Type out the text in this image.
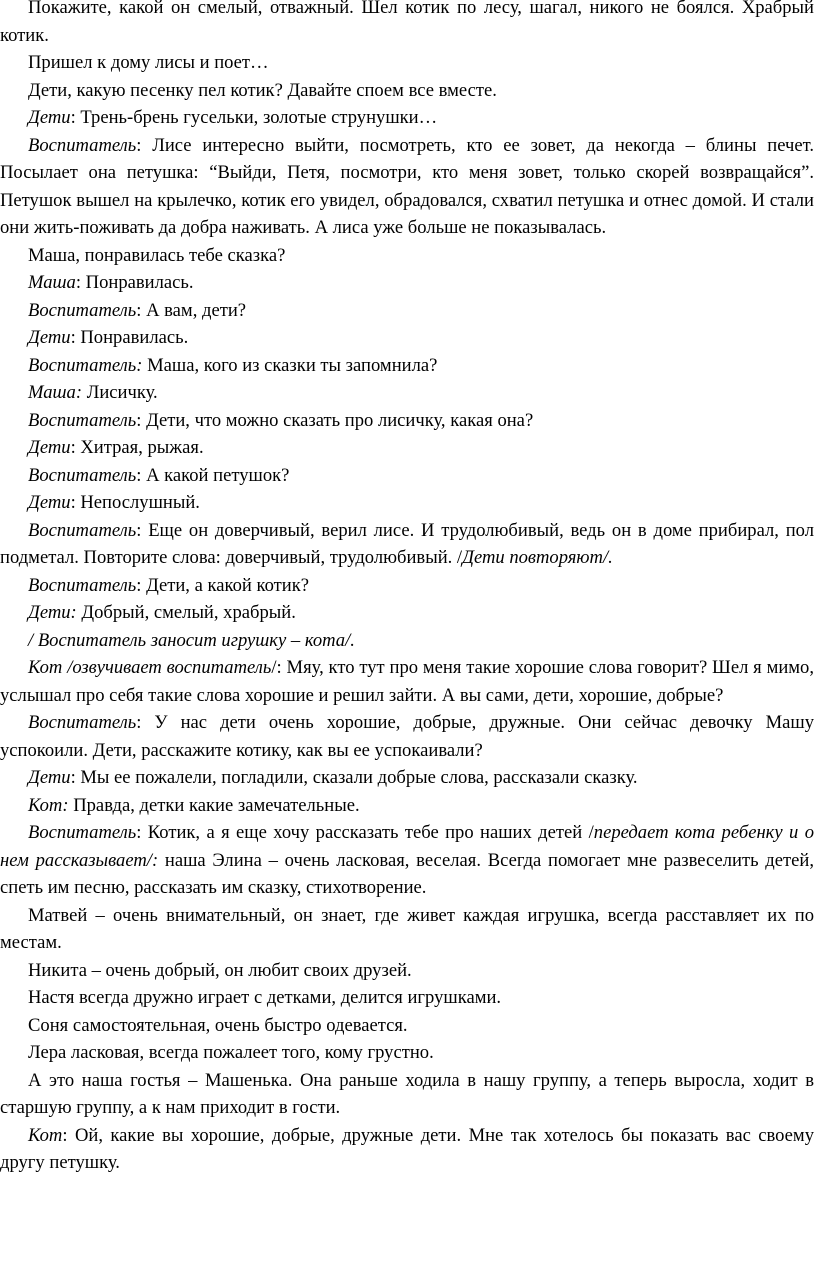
Покажите, какой он смелый, отважный. Шел котик по лесу, шагал, никого не боялся. Храбрый котик.

Пришел к дому лисы и поет…

Дети, какую песенку пел котик? Давайте споем все вместе.

Дети: Трень-брень гусельки, золотые струнушки…

Воспитатель: Лисе интересно выйти, посмотреть, кто ее зовет, да некогда – блины печет. Посылает она петушка: “Выйди, Петя, посмотри, кто меня зовет, только скорей возвращайся”. Петушок вышел на крылечко, котик его увидел, обрадовался, схватил петушка и отнес домой. И стали они жить-поживать да добра наживать. А лиса уже больше не показывалась.

Маша, понравилась тебе сказка?

Маша: Понравилась.

Воспитатель: А вам, дети?

Дети: Понравилась.

Воспитатель: Маша, кого из сказки ты запомнила?

Маша: Лисичку.

Воспитатель: Дети, что можно сказать про лисичку, какая она?

Дети: Хитрая, рыжая.

Воспитатель: А какой петушок?

Дети: Непослушный.

Воспитатель: Еще он доверчивый, верил лисе. И трудолюбивый, ведь он в доме прибирал, пол подметал. Повторите слова: доверчивый, трудолюбивый. /Дети повторяют/.

Воспитатель: Дети, а какой котик?

Дети: Добрый, смелый, храбрый.

/ Воспитатель заносит игрушку – кота/.

Кот /озвучивает воспитатель/: Мяу, кто тут про меня такие хорошие слова говорит? Шел я мимо, услышал про себя такие слова хорошие и решил зайти. А вы сами, дети, хорошие, добрые?

Воспитатель: У нас дети очень хорошие, добрые, дружные. Они сейчас девочку Машу успокоили. Дети, расскажите котику, как вы ее успокаивали?

Дети: Мы ее пожалели, погладили, сказали добрые слова, рассказали сказку.

Кот: Правда, детки какие замечательные.

Воспитатель: Котик, а я еще хочу рассказать тебе про наших детей /передает кота ребенку и о нем рассказывает/: наша Элина – очень ласковая, веселая. Всегда помогает мне развеселить детей, спеть им песню, рассказать им сказку, стихотворение.

Матвей – очень внимательный, он знает, где живет каждая игрушка, всегда расставляет их по местам.

Никита – очень добрый, он любит своих друзей.

Настя всегда дружно играет с детками, делится игрушками.

Соня самостоятельная, очень быстро одевается.

Лера ласковая, всегда пожалеет того, кому грустно.

А это наша гостья – Машенька. Она раньше ходила в нашу группу, а теперь выросла, ходит в старшую группу, а к нам приходит в гости.

Кот: Ой, какие вы хорошие, добрые, дружные дети. Мне так хотелось бы показать вас своему другу петушку.
